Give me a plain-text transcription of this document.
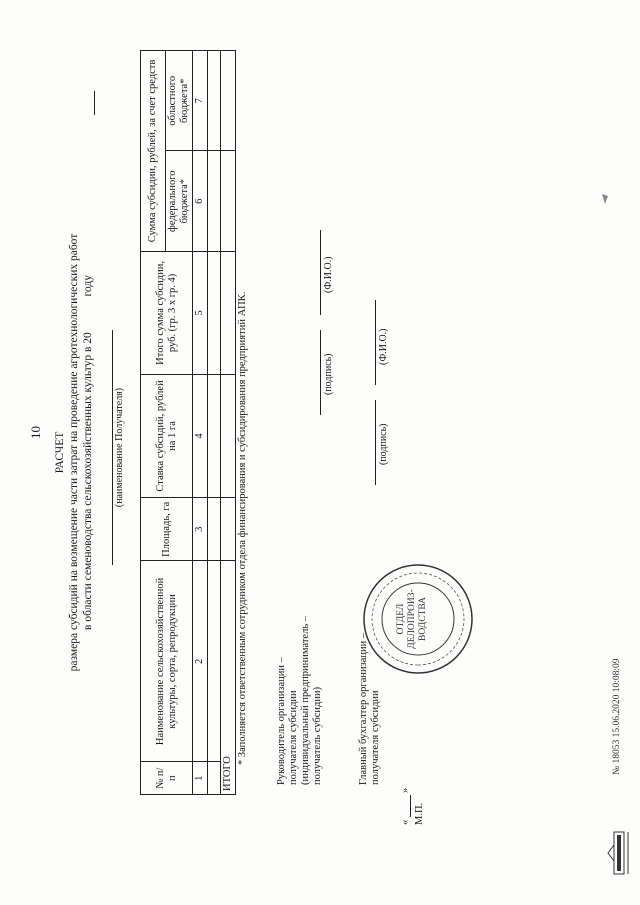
10 РАСЧЕТ размера субсидий на возмещение части затрат на проведение агротехнологических работ в области семеноводства сельскохозяйственных культур в 20  году
(наименование Получателя)
№ п/п	Наименование сельскохозяйственной культуры, сорта, репродукции	Площадь, га	Ставка субсидий, рублей на 1 га	Итого сумма субсидии, руб. (гр. 3 x гр. 4)	Сумма субсидии, рублей, за счет средств	
					федерального бюджета*	областного бюджета*
1	2	3	4	5	6	7

ИТОГО						
* Заполняется ответственным сотрудником отдела финансирования и субсидирования предприятий АПК.	Руководитель организации – получателя субсидии (индивидуальный предприниматель – получатель субсидии)
(подпись)
(Ф.И.О.)
Главный бухгалтер организации – получателя субсидии
(подпись)
(Ф.И.О.)
«
»
М.П.
ОТДЕЛ ДЕЛОПРОИЗ- ВОДСТВА
№ 18053 15.06.2020 10:08:09
